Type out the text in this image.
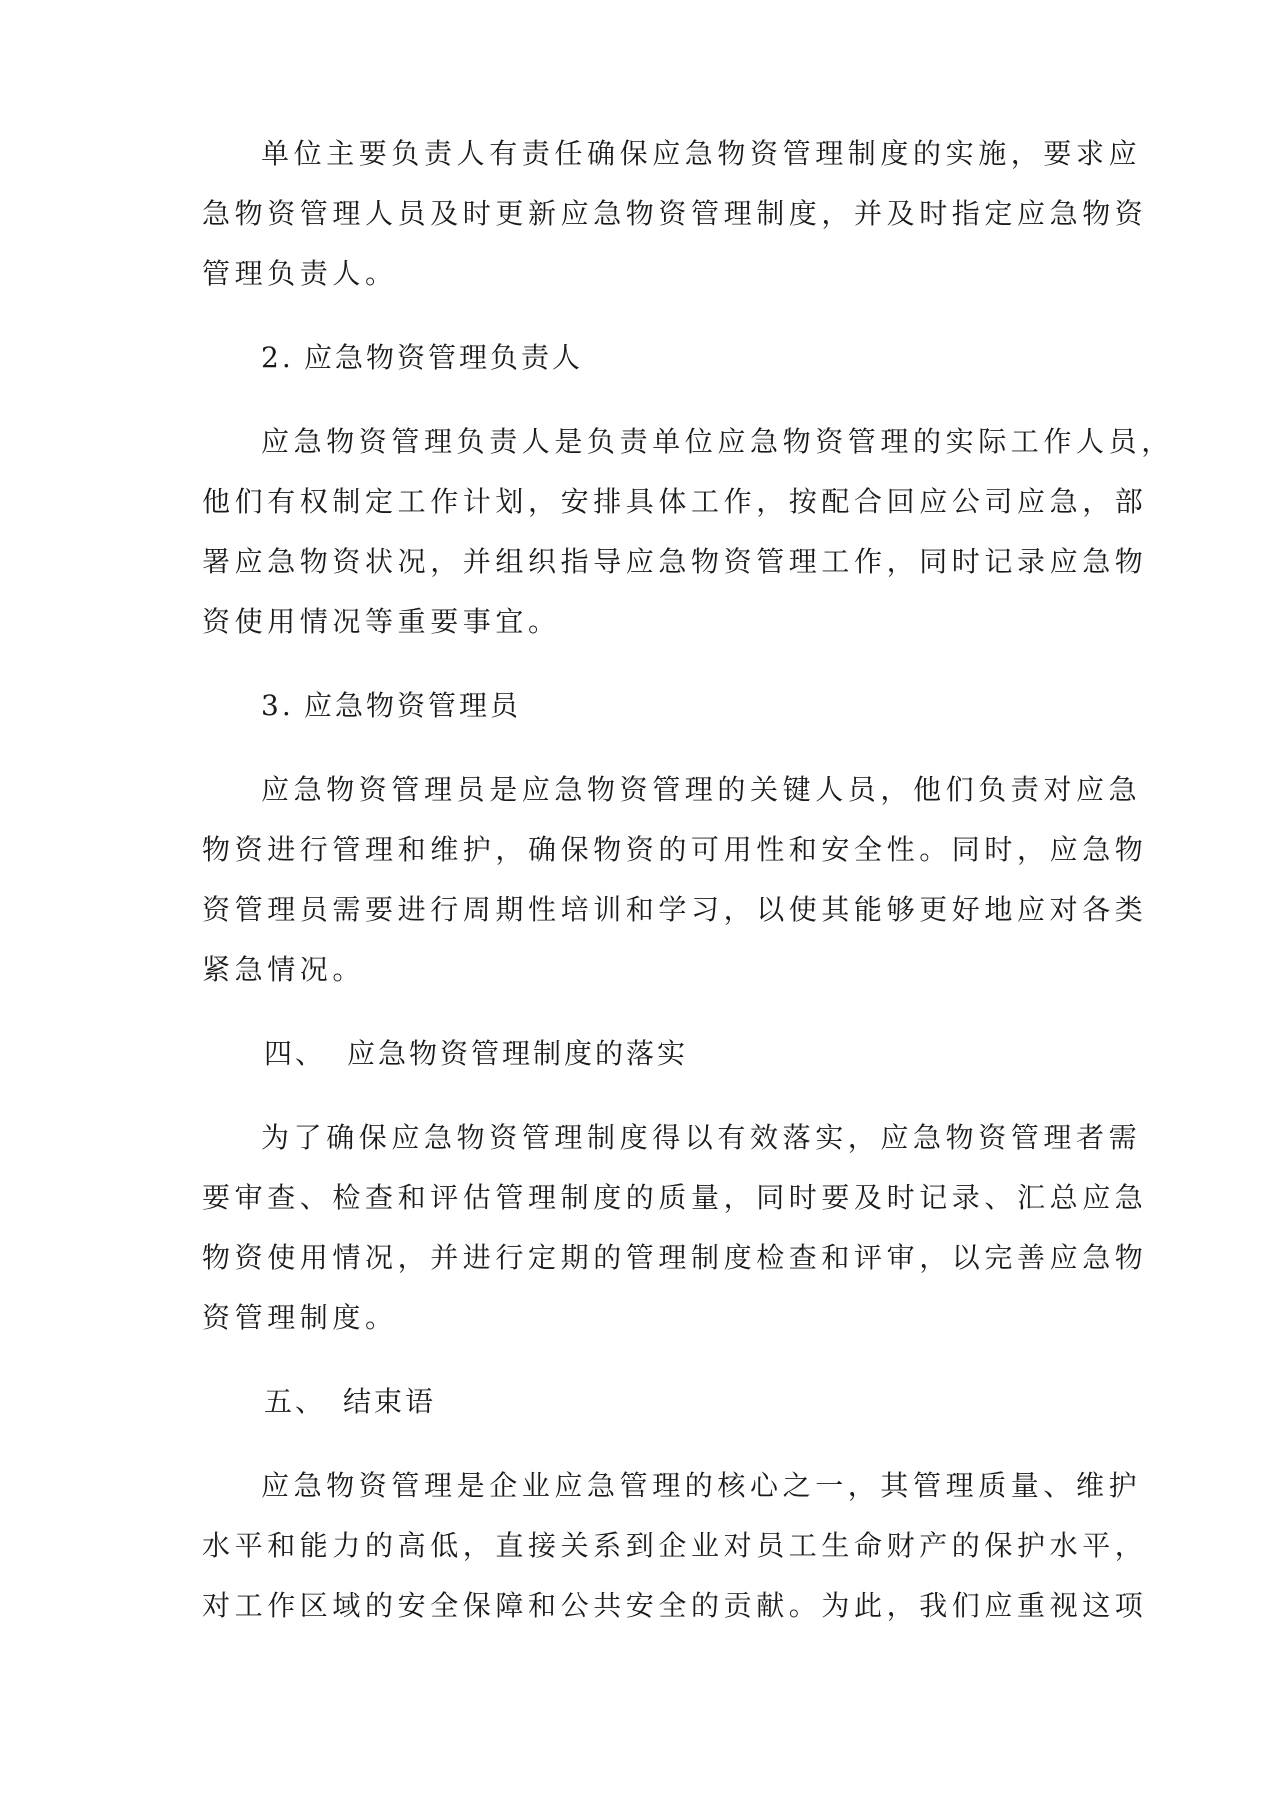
单位主要负责人有责任确保应急物资管理制度的实施，要求应
急物资管理人员及时更新应急物资管理制度，并及时指定应急物资
管理负责人。
2. 应急物资管理负责人
应急物资管理负责人是负责单位应急物资管理的实际工作人员，
他们有权制定工作计划，安排具体工作，按配合回应公司应急，部
署应急物资状况，并组织指导应急物资管理工作，同时记录应急物
资使用情况等重要事宜。
3. 应急物资管理员
应急物资管理员是应急物资管理的关键人员，他们负责对应急
物资进行管理和维护，确保物资的可用性和安全性。同时，应急物
资管理员需要进行周期性培训和学习，以使其能够更好地应对各类
紧急情况。
四、 应急物资管理制度的落实
为了确保应急物资管理制度得以有效落实，应急物资管理者需
要审查、检查和评估管理制度的质量，同时要及时记录、汇总应急
物资使用情况，并进行定期的管理制度检查和评审，以完善应急物
资管理制度。
五、 结束语
应急物资管理是企业应急管理的核心之一，其管理质量、维护
水平和能力的高低，直接关系到企业对员工生命财产的保护水平，
对工作区域的安全保障和公共安全的贡献。为此，我们应重视这项
